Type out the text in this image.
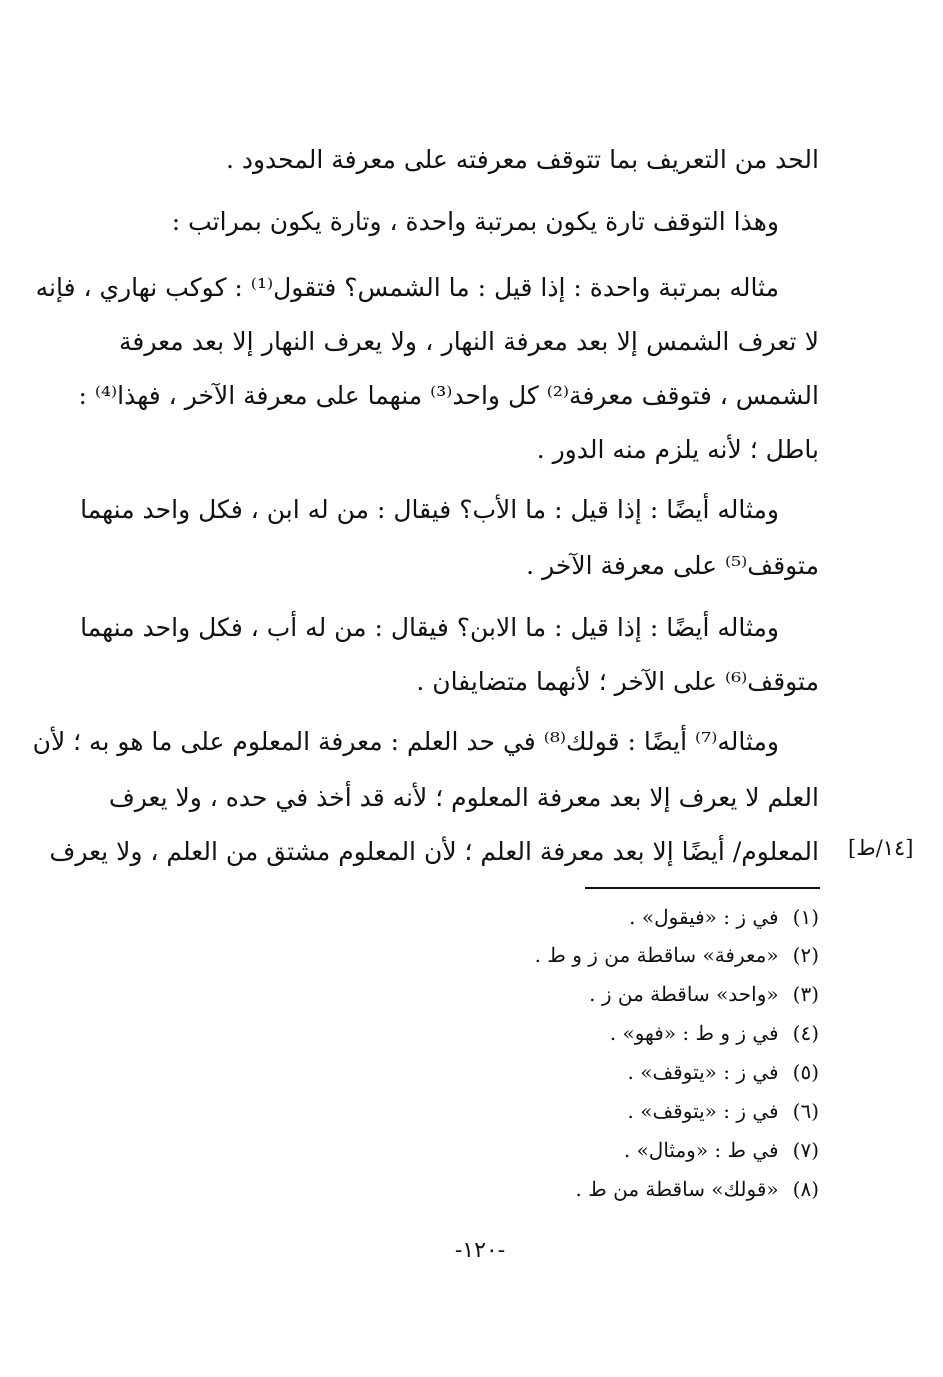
الحد من التعريف بما تتوقف معرفته على معرفة المحدود .
وهذا التوقف تارة يكون بمرتبة واحدة ، وتارة يكون بمراتب :
مثاله بمرتبة واحدة : إذا قيل : ما الشمس؟ فتقول⁽¹⁾ : كوكب نهاري ، فإنه
لا تعرف الشمس إلا بعد معرفة النهار ، ولا يعرف النهار إلا بعد معرفة
الشمس ، فتوقف معرفة⁽²⁾ كل واحد⁽³⁾ منهما على معرفة الآخر ، فهذا⁽⁴⁾ :
باطل ؛ لأنه يلزم منه الدور .
ومثاله أيضًا : إذا قيل : ما الأب؟ فيقال : من له ابن ، فكل واحد منهما
متوقف⁽⁵⁾ على معرفة الآخر .
ومثاله أيضًا : إذا قيل : ما الابن؟ فيقال : من له أب ، فكل واحد منهما
متوقف⁽⁶⁾ على الآخر ؛ لأنهما متضايفان .
ومثاله⁽⁷⁾ أيضًا : قولك⁽⁸⁾ في حد العلم : معرفة المعلوم على ما هو به ؛ لأن
العلم لا يعرف إلا بعد معرفة المعلوم ؛ لأنه قد أخذ في حده ، ولا يعرف
المعلوم/ أيضًا إلا بعد معرفة العلم ؛ لأن المعلوم مشتق من العلم ، ولا يعرف [١٤/ط]
(١)في ز : «فيقول» .
(٢)«معرفة» ساقطة من ز و ط .
(٣)«واحد» ساقطة من ز .
(٤)في ز و ط : «فهو» .
(٥)في ز : «يتوقف» .
(٦)في ز : «يتوقف» .
(٧)في ط : «ومثال» .
(٨)«قولك» ساقطة من ط .
-١٢٠-
